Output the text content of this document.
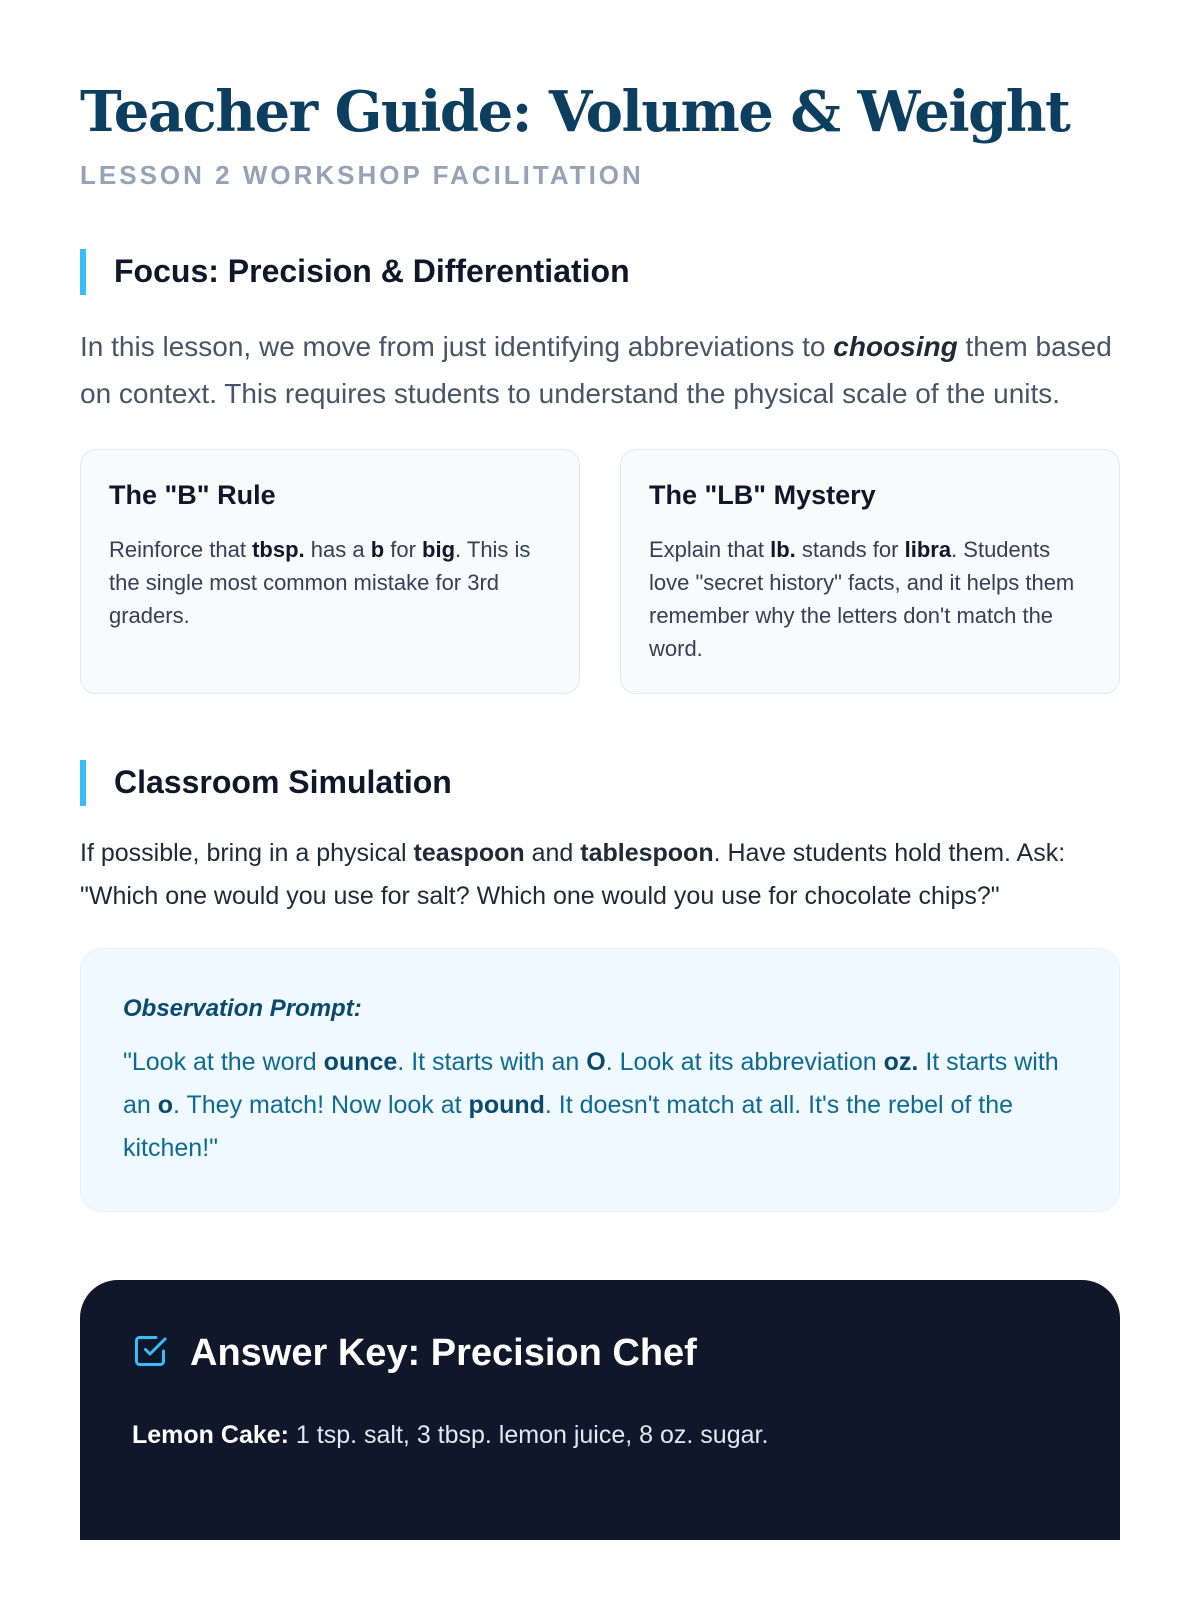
Teacher Guide: Volume & Weight
LESSON 2 WORKSHOP FACILITATION
Focus: Precision & Differentiation

In this lesson, we move from just identifying abbreviations to choosing them based on context. This requires students to understand the physical scale of the units.

The "B" Rule
Reinforce that tbsp. has a b for big. This is the single most common mistake for 3rd graders.
The "LB" Mystery
Explain that lb. stands for libra. Students love "secret history" facts, and it helps them remember why the letters don't match the word.
Classroom Simulation

If possible, bring in a physical teaspoon and tablespoon. Have students hold them. Ask: "Which one would you use for salt? Which one would you use for chocolate chips?"

Observation Prompt:
"Look at the word ounce. It starts with an O. Look at its abbreviation oz. It starts with an o. They match! Now look at pound. It doesn't match at all. It's the rebel of the kitchen!"
Answer Key: Precision Chef
Lemon Cake: 1 tsp. salt, 3 tbsp. lemon juice, 8 oz. sugar.
